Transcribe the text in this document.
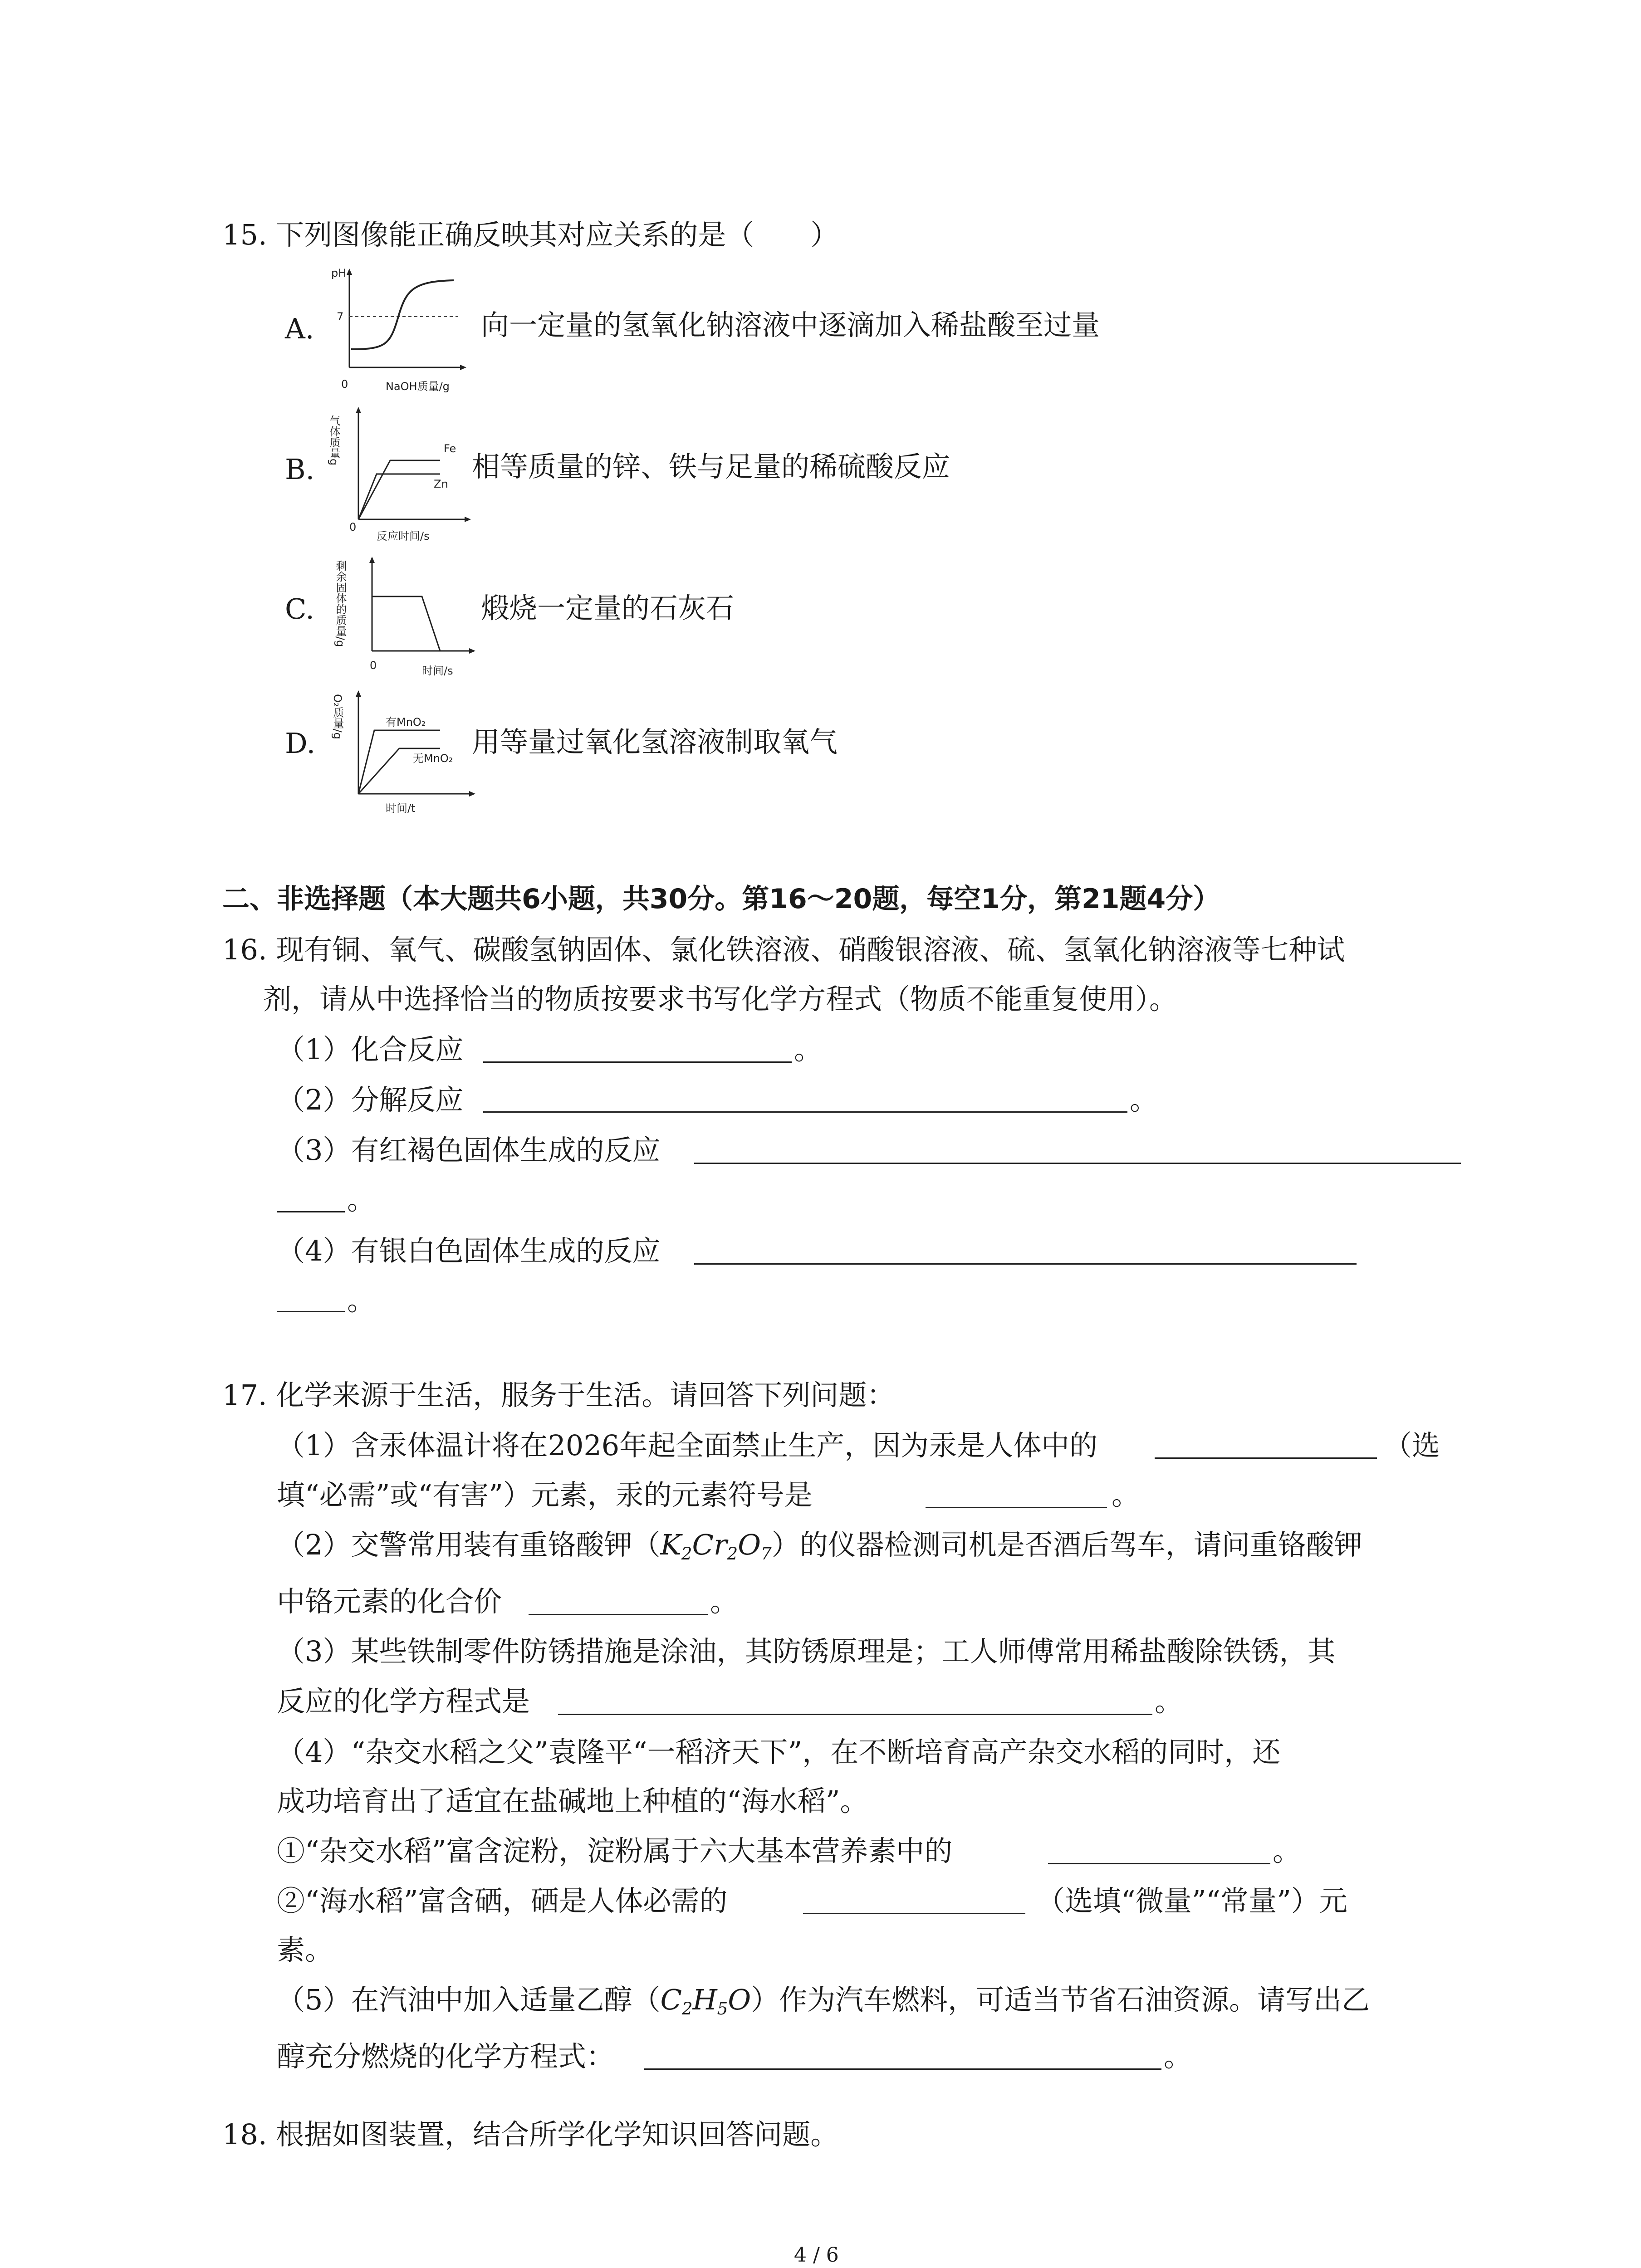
15. 下列图像能正确反映其对应关系的是（　　）
A.
pH
7
0	NaOH质量/g
向一定量的氢氧化钠溶液中逐滴加入稀盐酸至过量
B.
气体质量g	Fe
Zn
0
反应时间/s
相等质量的锌、铁与足量的稀硫酸反应
C. 剩余固体的质量/g
0	时间/s
煅烧一定量的石灰石
D.
O₂质量/g	有MnO₂
无MnO₂
时间/t
用等量过氧化氢溶液制取氧气
二、非选择题（本大题共6小题，共30分。第16～20题，每空1分，第21题4分）
16. 现有铜、氧气、碳酸氢钠固体、氯化铁溶液、硝酸银溶液、硫、氢氧化钠溶液等七种试
剂，请从中选择恰当的物质按要求书写化学方程式（物质不能重复使用）。
（1）化合反应	。
（2）分解反应	。
（3）有红褐色固体生成的反应
。
（4）有银白色固体生成的反应
。
17. 化学来源于生活，服务于生活。请回答下列问题：
（1）含汞体温计将在2026年起全面禁止生产，因为汞是人体中的	（选
填“必需”或“有害”）元素，汞的元素符号是	。
（2）交警常用装有重铬酸钾$(K_2Cr_2O_7)$的仪器检测司机是否酒后驾车，请问重铬酸钾
中铬元素的化合价	。
（3）某些铁制零件防锈措施是涂油，其防锈原理是；工人师傅常用稀盐酸除铁锈，其
反应的化学方程式是	。
（4）“杂交水稻之父”袁隆平“一稻济天下”，在不断培育高产杂交水稻的同时，还
成功培育出了适宜在盐碱地上种植的“海水稻”。
①“杂交水稻”富含淀粉，淀粉属于六大基本营养素中的	。
②“海水稻”富含硒，硒是人体必需的	（选填“微量”“常量”）元
素。
（5）在汽油中加入适量乙醇$(C_2H_5O)$作为汽车燃料，可适当节省石油资源。请写出乙
醇充分燃烧的化学方程式：	。
18. 根据如图装置，结合所学化学知识回答问题。
4 / 6
